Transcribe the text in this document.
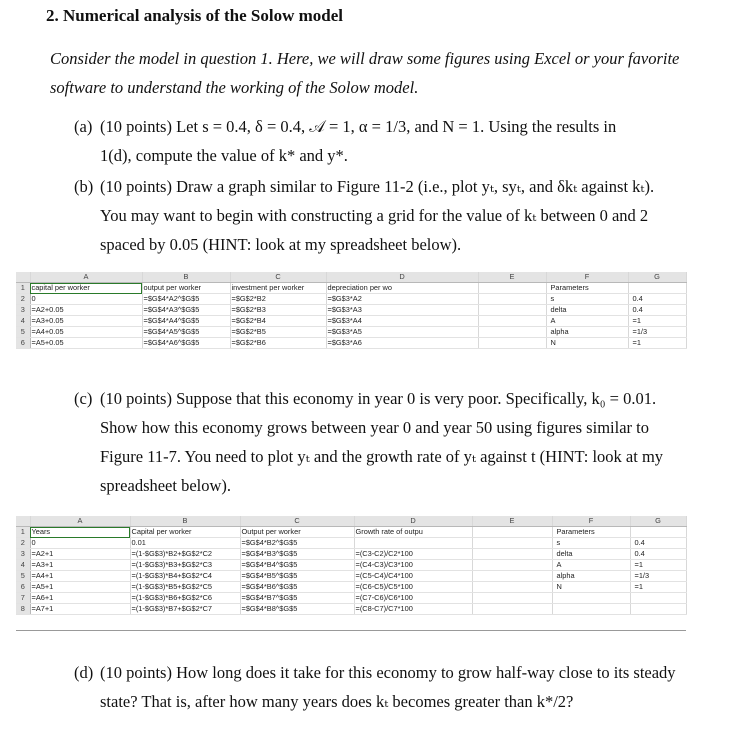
2. Numerical analysis of the Solow model
Consider the model in question 1. Here, we will draw some figures using Excel or your favorite software to understand the working of the Solow model.
(a) (10 points) Let s = 0.4, δ = 0.4, 𝒜 = 1, α = 1/3, and N = 1. Using the results in
1(d), compute the value of k* and y*.
(b) (10 points) Draw a graph similar to Figure 11-2 (i.e., plot yₜ, syₜ, and δkₜ against kₜ).
You may want to begin with constructing a grid for the value of kₜ between 0 and 2
spaced by 0.05 (HINT: look at my spreadsheet below).
	A	B	C	D	E	F	G
1	capital per worker	output per worker	investment per worker	depreciation per wo		Parameters	
2	0	=$G$4*A2^$G$5	=$G$2*B2	=$G$3*A2		s	0.4
3	=A2+0.05	=$G$4*A3^$G$5	=$G$2*B3	=$G$3*A3		delta	0.4
4	=A3+0.05	=$G$4*A4^$G$5	=$G$2*B4	=$G$3*A4		A	=1
5	=A4+0.05	=$G$4*A5^$G$5	=$G$2*B5	=$G$3*A5		alpha	=1/3
6	=A5+0.05	=$G$4*A6^$G$5	=$G$2*B6	=$G$3*A6		N	=1
(c) (10 points) Suppose that this economy in year 0 is very poor. Specifically, k₀ = 0.01.
Show how this economy grows between year 0 and year 50 using figures similar to
Figure 11-7. You need to plot yₜ and the growth rate of yₜ against t (HINT: look at my
spreadsheet below).
	A	B	C	D	E	F	G
1	Years	Capital per worker	Output per worker	Growth rate of outpu		Parameters	
2	0	0.01	=$G$4*B2^$G$5			s	0.4
3	=A2+1	=(1-$G$3)*B2+$G$2*C2	=$G$4*B3^$G$5	=(C3-C2)/C2*100		delta	0.4
4	=A3+1	=(1-$G$3)*B3+$G$2*C3	=$G$4*B4^$G$5	=(C4-C3)/C3*100		A	=1
5	=A4+1	=(1-$G$3)*B4+$G$2*C4	=$G$4*B5^$G$5	=(C5-C4)/C4*100		alpha	=1/3
6	=A5+1	=(1-$G$3)*B5+$G$2*C5	=$G$4*B6^$G$5	=(C6-C5)/C5*100		N	=1
7	=A6+1	=(1-$G$3)*B6+$G$2*C6	=$G$4*B7^$G$5	=(C7-C6)/C6*100			
8	=A7+1	=(1-$G$3)*B7+$G$2*C7	=$G$4*B8^$G$5	=(C8-C7)/C7*100			
(d) (10 points) How long does it take for this economy to grow half-way close to its steady
state? That is, after how many years does kₜ becomes greater than k*/2?
